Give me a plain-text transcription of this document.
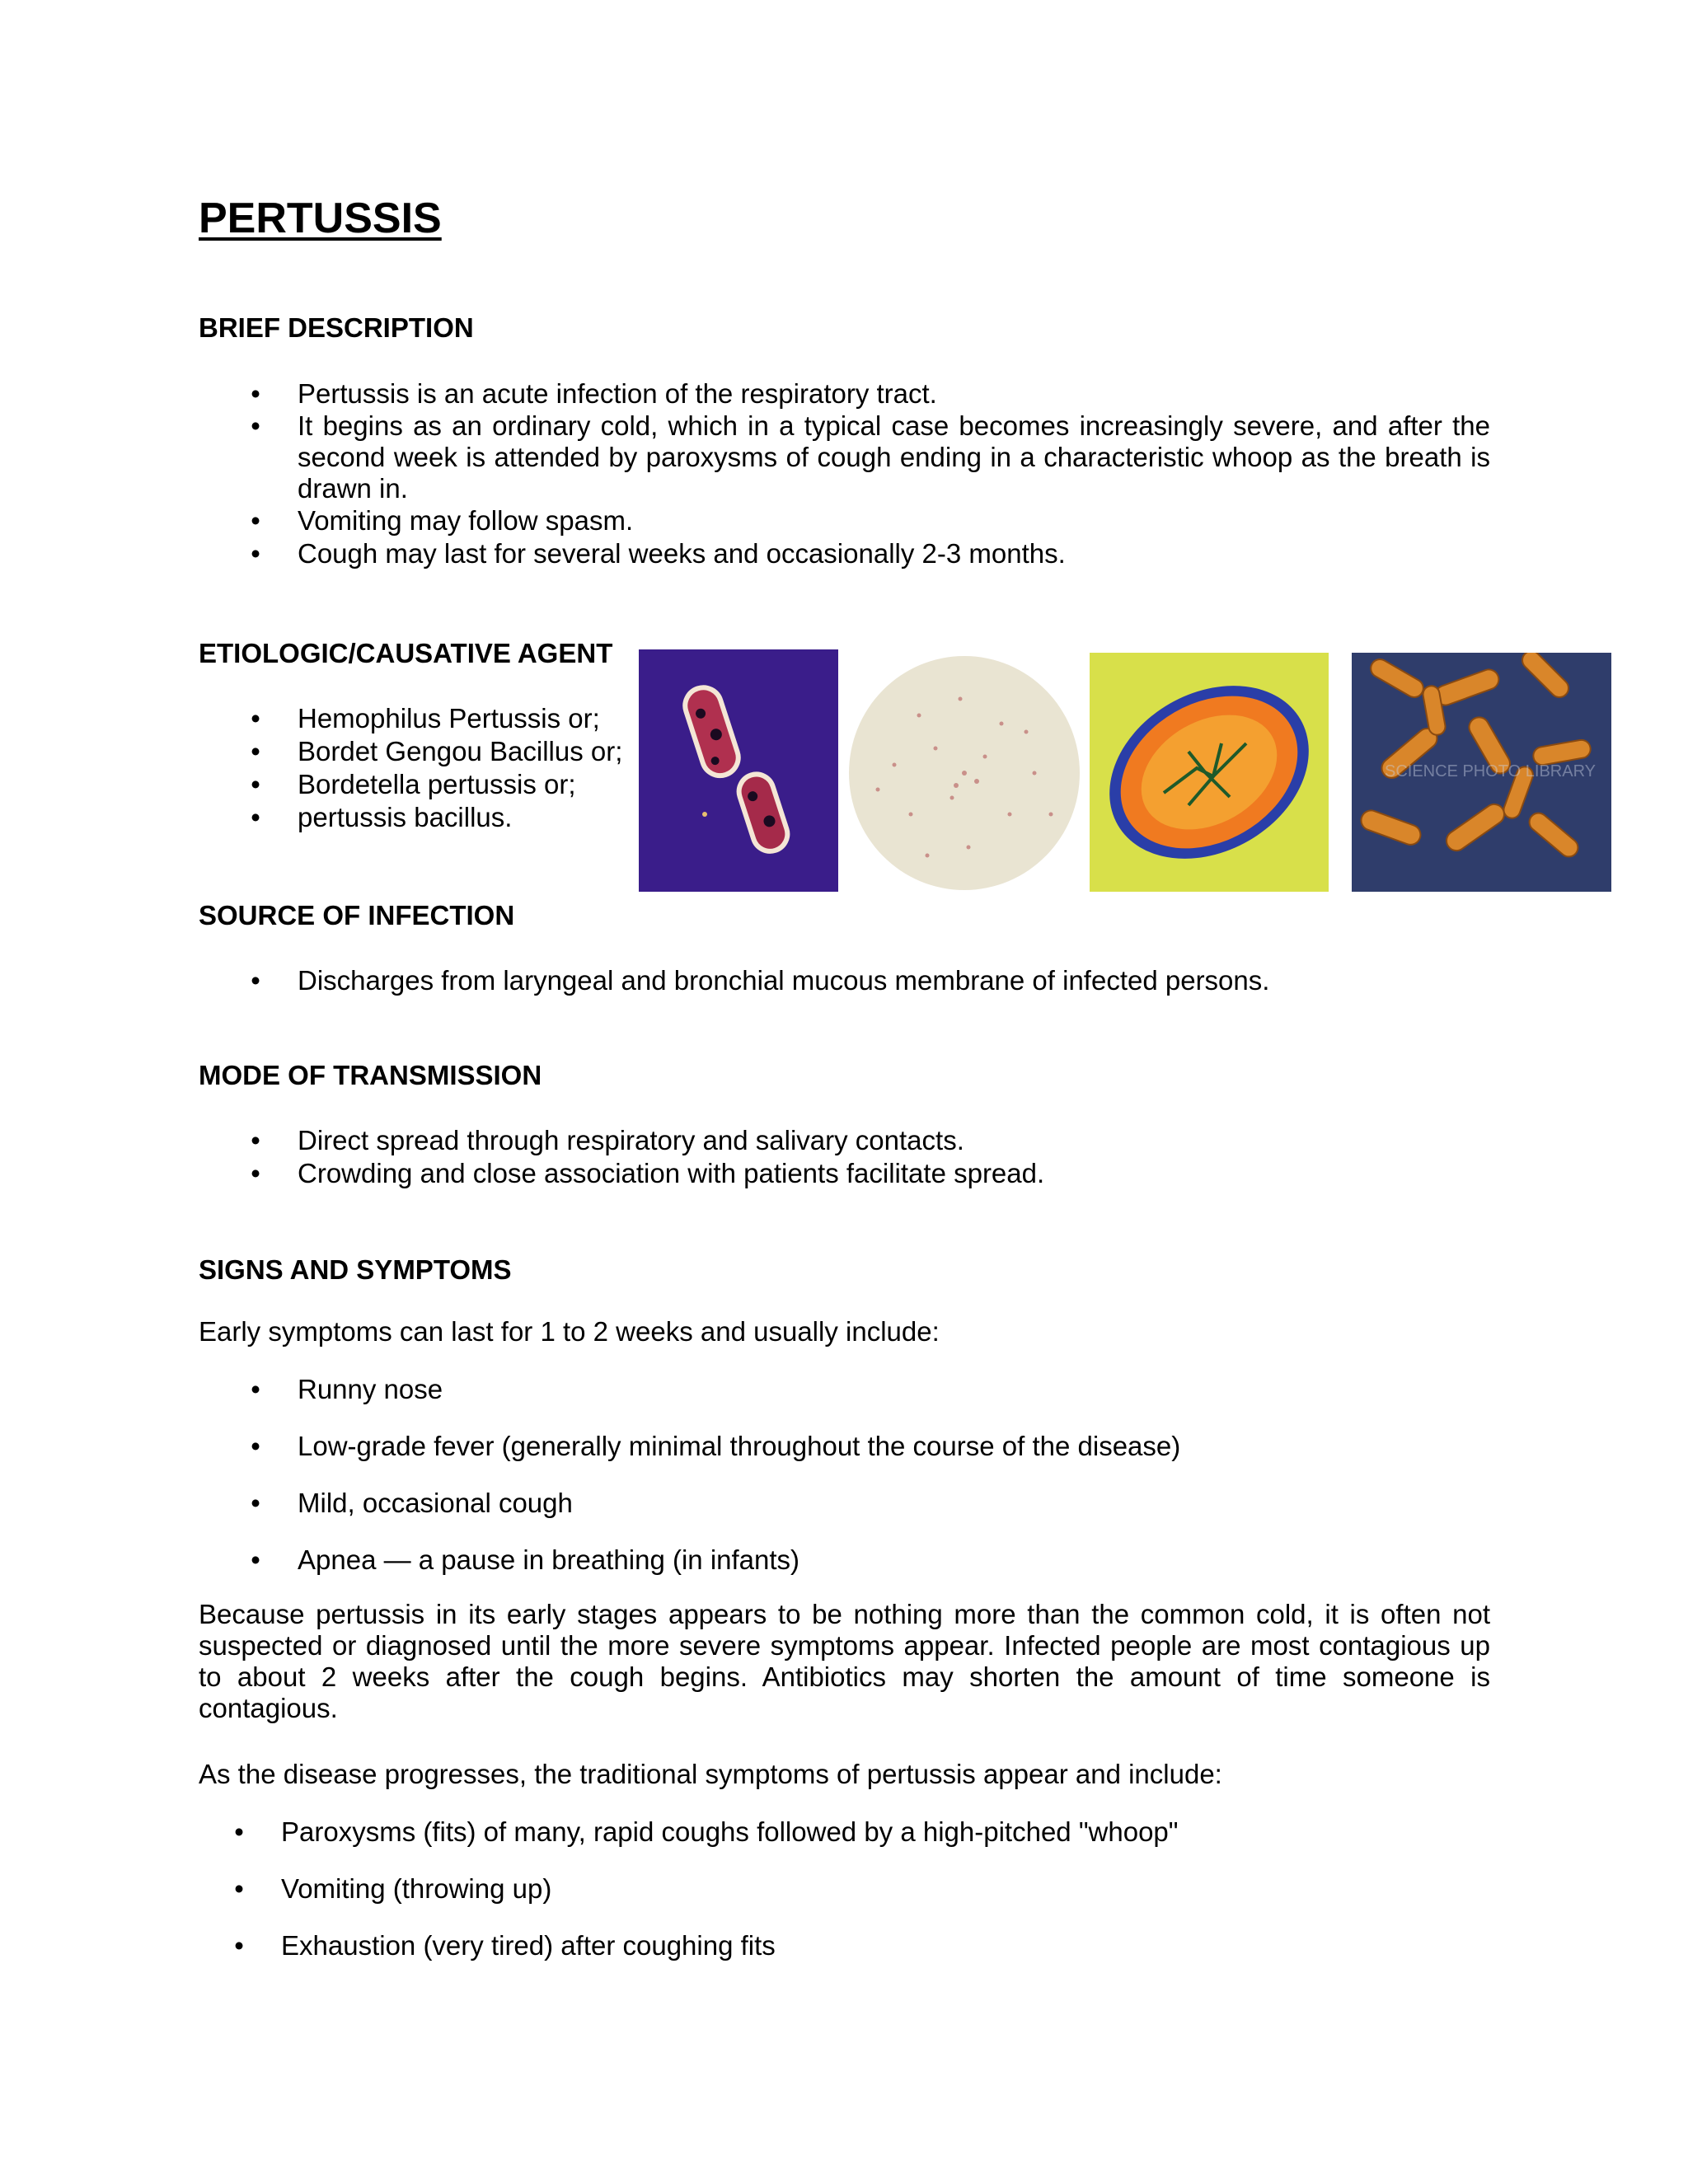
PERTUSSIS
BRIEF DESCRIPTION
• Pertussis is an acute infection of the respiratory tract.
• It begins as an ordinary cold, which in a typical case becomes increasingly severe, and after the second week is attended by paroxysms of cough ending in a characteristic whoop as the breath is drawn in.
• Vomiting may follow spasm.
• Cough may last for several weeks and occasionally 2-3 months.
ETIOLOGIC/CAUSATIVE AGENT
• Hemophilus Pertussis or;
• Bordet Gengou Bacillus or;
• Bordetella pertussis or;
• pertussis bacillus.
SCIENCE PHOTO LIBRARY
SOURCE OF INFECTION
• Discharges from laryngeal and bronchial mucous membrane of infected persons.
MODE OF TRANSMISSION
• Direct spread through respiratory and salivary contacts.
• Crowding and close association with patients facilitate spread.
SIGNS AND SYMPTOMS

Early symptoms can last for 1 to 2 weeks and usually include:

• Runny nose
• Low-grade fever (generally minimal throughout the course of the disease)
• Mild, occasional cough
• Apnea — a pause in breathing (in infants)

Because pertussis in its early stages appears to be nothing more than the common cold, it is often not suspected or diagnosed until the more severe symptoms appear. Infected people are most contagious up to about 2 weeks after the cough begins. Antibiotics may shorten the amount of time someone is contagious.

As the disease progresses, the traditional symptoms of pertussis appear and include:

• Paroxysms (fits) of many, rapid coughs followed by a high-pitched "whoop"
• Vomiting (throwing up)
• Exhaustion (very tired) after coughing fits
